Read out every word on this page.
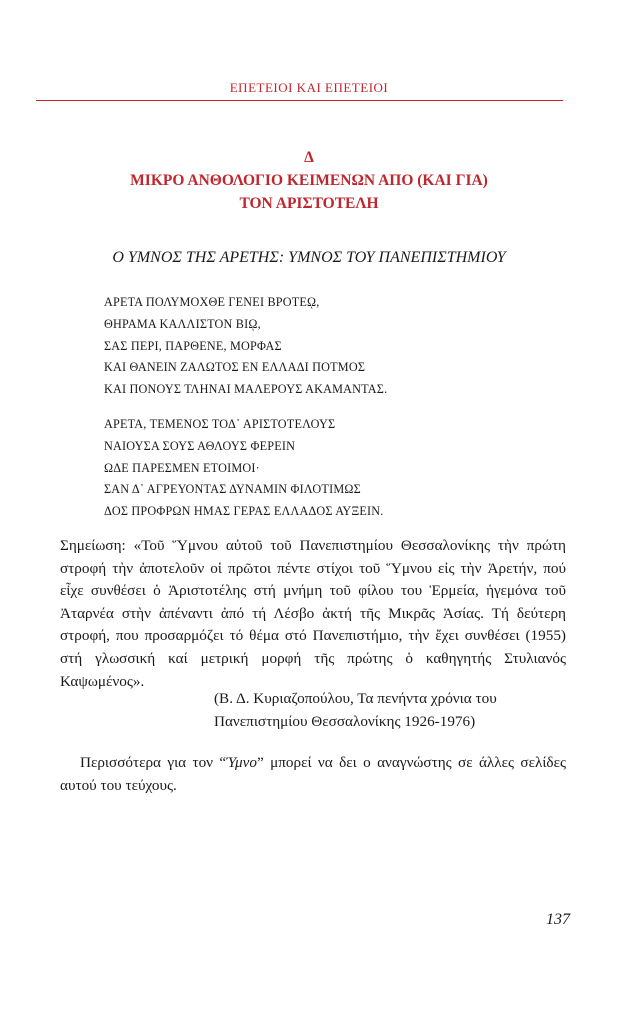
ΕΠΕΤΕΙΟΙ ΚΑΙ ΕΠΕΤΕΙΟΙ
Δ
ΜΙΚΡΟ ΑΝΘΟΛΟΓΙΟ ΚΕΙΜΕΝΩΝ ΑΠΟ (ΚΑΙ ΓΙΑ)
ΤΟΝ ΑΡΙΣΤΟΤΕΛΗ
Ο ΥΜΝΟΣ ΤΗΣ ΑΡΕΤΗΣ: ΥΜΝΟΣ ΤΟΥ ΠΑΝΕΠΙΣΤΗΜΙΟΥ
ΑΡΕΤΑ ΠΟΛΥΜΟΧΘΕ ΓΕΝΕΙ ΒΡΟΤΕῼ,
ΘΗΡΑΜΑ ΚΑΛΛΙΣΤΟΝ ΒΙῼ,
ΣΑΣ ΠΕΡΙ, ΠΑΡΘΕΝΕ, ΜΟΡΦΑΣ
ΚΑΙ ΘΑΝΕΙΝ ΖΑΛΩΤΟΣ ΕΝ ΕΛΛΑΔΙ ΠΟΤΜΟΣ
ΚΑΙ ΠΟΝΟΥΣ ΤΛΗΝΑΙ ΜΑΛΕΡΟΥΣ ΑΚΑΜΑΝΤΑΣ.
ΑΡΕΤΑ, ΤΕΜΕΝΟΣ ΤΟΔ᾽ ΑΡΙΣΤΟΤΕΛΟΥΣ
ΝΑΙΟΥΣΑ ΣΟΥΣ ΑΘΛΟΥΣ ΦΕΡΕΙΝ
ΩΔΕ ΠΑΡΕΣΜΕΝ ΕΤΟΙΜΟΙ·
ΣΑΝ Δ᾽ ΑΓΡΕΥΟΝΤΑΣ ΔΥΝΑΜΙΝ ΦΙΛΟΤΙΜΩΣ
ΔΟΣ ΠΡΟΦΡΩΝ ΗΜΑΣ ΓΕΡΑΣ ΕΛΛΑΔΟΣ ΑΥΞΕΙΝ.
Σημείωση: «Τοῦ Ὕμνου αὐτοῦ τοῦ Πανεπιστημίου Θεσσαλονίκης τὴν πρώτη στροφή τὴν ἀποτελοῦν οἱ πρῶτοι πέντε στίχοι τοῦ Ὕμνου εἰς τὴν Ἀρετήν, πού εἶχε συνθέσει ὁ Ἀριστοτέλης στή μνήμη τοῦ φίλου του Ἑρμεία, ἡγεμόνα τοῦ Ἀταρνέα στὴν ἀπέναντι ἀπό τή Λέσβο ἀκτή τῆς Μικρᾶς Ἀσίας. Τή δεύτερη στροφή, που προσαρμόζει τό θέμα στό Πανεπιστήμιο, τὴν ἔχει συνθέσει (1955) στή γλωσσική καί μετρική μορφή τῆς πρώτης ὁ καθηγητής Στυλιανός Καψωμένος».
(Β. Δ. Κυριαζοπούλου, Τα πενήντα χρόνια του
Πανεπιστημίου Θεσσαλονίκης 1926-1976)
Περισσότερα για τον “Ύμνο” μπορεί να δει ο αναγνώστης σε άλλες σελίδες αυτού του τεύχους.
137
